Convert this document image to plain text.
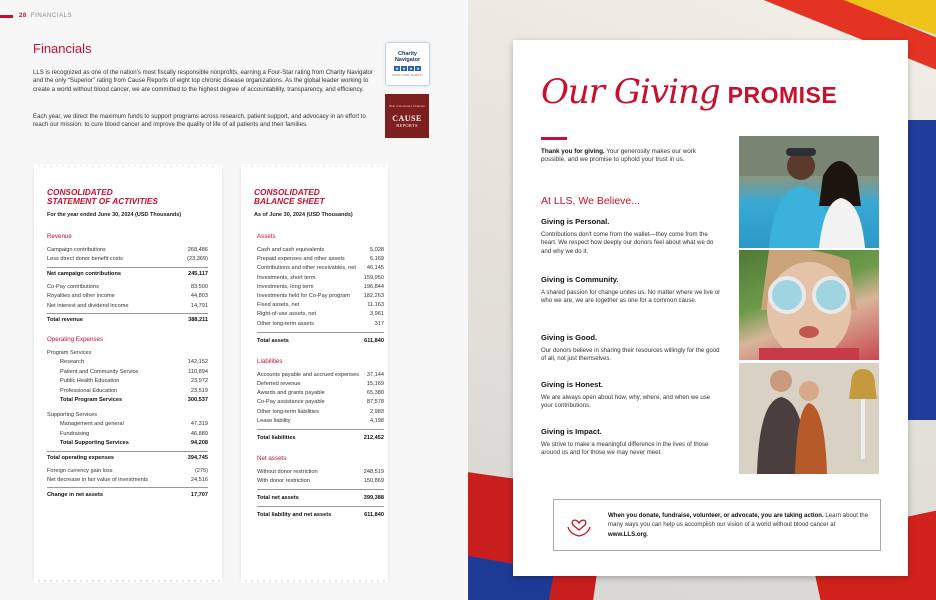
28 FINANCIALS
Financials

LLS is recognized as one of the nation’s most fiscally responsible nonprofits, earning a Four-Star rating from Charity Navigator and the only “Superior” rating from Cause Reports of eight top chronic disease organizations. As the global leader working to create a world without blood cancer, we are committed to the highest degree of accountability, transparency, and efficiency.

Each year, we direct the maximum funds to support programs across research, patient support, and advocacy in an effort to reach our mission: to cure blood cancer and improve the quality of life of all patients and their families.

Charity Navigator
★ ★ ★ ★
FOUR-STAR CHARITY
Best of America's Charities
CAUSE
REPORTS
CONSOLIDATED
STATEMENT OF ACTIVITIES
For the year ended June 30, 2024 (USD Thousands)
Revenue
Campaign contributions	268,486
Less direct donor benefit costs	(23,369)
Net campaign contributions	245,117
Co-Pay contributions	83,500
Royalties and other income	44,803
Net interest and dividend income	14,791
Total revenue	388,211
Operating Expenses
Program Services
Research	142,152
Patient and Community Service	110,894
Public Health Education	23,972
Professional Education	23,519
Total Program Services	300,537
Supporting Services
Management and general	47,319
Fundraising	46,889
Total Supporting Services	94,208
Total operating expenses	394,745
Foreign currency gain loss	(275)
Net decrease in fair value of investments	24,516
Change in net assets	17,707
CONSOLIDATED
BALANCE SHEET
As of June 30, 2024 (USD Thousands)
Assets
Cash and cash equivalents	5,028
Prepaid expenses and other assets	6,169
Contributions and other receivables, net 46,145
Investments, short term	159,950
Investments, long term	196,844
Investments held for Co-Pay program 182,263
Fixed assets, net	11,163
Right-of-use assets, net	3,961
Other long-term assets	317
Total assets	611,840
Liabilities
Accounts payable and accrued expenses 37,144
Deferred revenue	15,169
Awards and grants payable	65,380
Co-Pay assistance payable	87,578
Other long-term liabilities	2,983
Lease liability	4,198
Total liabilities	212,452
Net assets
Without donor restriction	248,519
With donor restriction	150,869
Total net assets	399,388
Total liability and net assets	611,840
Our Giving PROMISE

Thank you for giving. Your generosity makes our work possible, and we promise to uphold your trust in us.

At LLS, We Believe...
Giving is Personal.

Contributions don't come from the wallet—they come from the heart. We respect how deeply our donors feel about what we do and why we do it.

Giving is Community.

A shared passion for change unites us. No matter where we live or who we are, we are together as one for a common cause.

Giving is Good.

Our donors believe in sharing their resources willingly for the good of all, not just themselves.

Giving is Honest.

We are always open about how, why, where, and when we use your contributions.

Giving is Impact.

We strive to make a meaningful difference in the lives of those around us and for those we may never meet.

When you donate, fundraise, volunteer, or advocate, you are taking action. Learn about the many ways you can help us accomplish our vision of a world without blood cancer at www.LLS.org.
